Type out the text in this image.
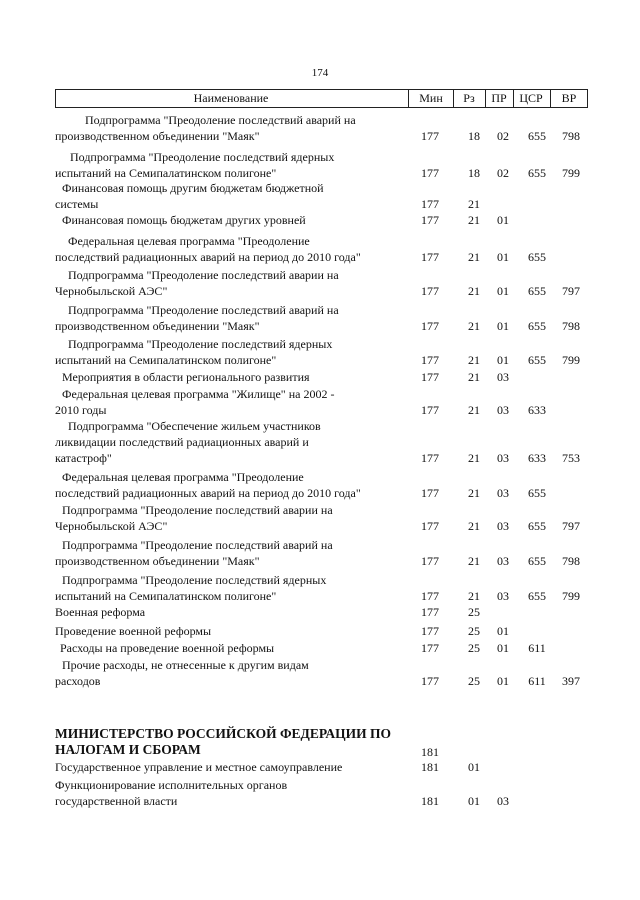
174
Наименование	Мин	Рз	ПР	ЦСР	ВР
Подпрограмма "Преодоление последствий аварий на
производственном объединении "Маяк"	177	18	02	655	798
Подпрограмма "Преодоление последствий ядерных
испытаний на Семипалатинском полигоне"	177	18	02	655	799
Финансовая помощь другим бюджетам бюджетной
системы	177	21
Финансовая помощь бюджетам других уровней	177	21	01
Федеральная целевая программа "Преодоление
последствий радиационных аварий на период до 2010 года"	177	21	01	655
Подпрограмма "Преодоление последствий аварии на
Чернобыльской АЭС"	177	21	01	655	797
Подпрограмма "Преодоление последствий аварий на
производственном объединении "Маяк"	177	21	01	655	798
Подпрограмма "Преодоление последствий ядерных
испытаний на Семипалатинском полигоне"	177	21	01	655	799
Мероприятия в области регионального развития	177	21	03
Федеральная целевая программа "Жилище" на 2002 -
2010 годы	177	21	03	633
Подпрограмма "Обеспечение жильем участников
ликвидации последствий радиационных аварий и
катастроф"	177	21	03	633	753
Федеральная целевая программа "Преодоление
последствий радиационных аварий на период до 2010 года"	177	21	03	655
Подпрограмма "Преодоление последствий аварии на
Чернобыльской АЭС"	177	21	03	655	797
Подпрограмма "Преодоление последствий аварий на
производственном объединении "Маяк"	177	21	03	655	798
Подпрограмма "Преодоление последствий ядерных
испытаний на Семипалатинском полигоне"	177	21	03	655	799
Военная реформа	177	25
Проведение военной реформы	177	25	01
Расходы на проведение военной реформы	177	25	01	611
Прочие расходы, не отнесенные к другим видам
расходов	177	25	01	611	397
МИНИСТЕРСТВО РОССИЙСКОЙ ФЕДЕРАЦИИ ПО
НАЛОГАМ И СБОРАМ	181
Государственное управление и местное самоуправление	181	01
Функционирование исполнительных органов
государственной власти	181	01	03
